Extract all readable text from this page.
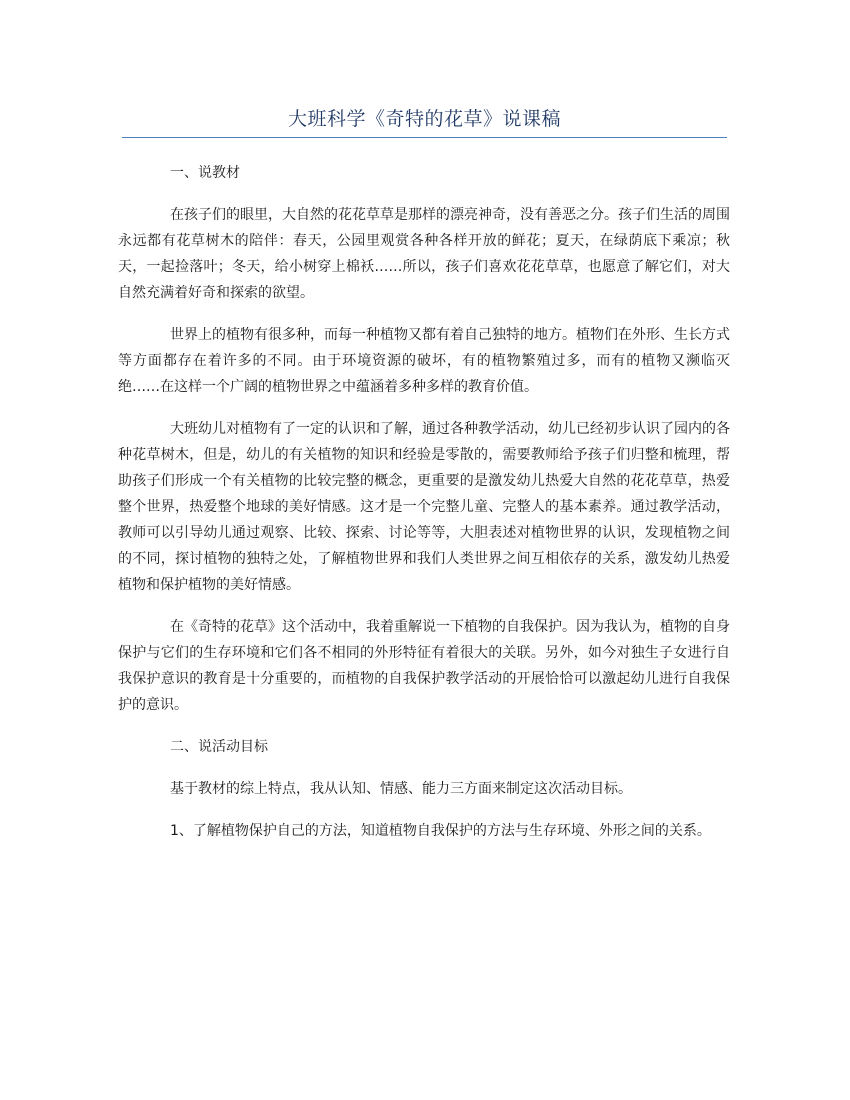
大班科学《奇特的花草》说课稿

一、说教材

在孩子们的眼里，大自然的花花草草是那样的漂亮神奇，没有善恶之分。孩子们生活的周围永远都有花草树木的陪伴：春天，公园里观赏各种各样开放的鲜花；夏天，在绿荫底下乘凉；秋天，一起捡落叶；冬天，给小树穿上棉袄……所以，孩子们喜欢花花草草，也愿意了解它们，对大自然充满着好奇和探索的欲望。

世界上的植物有很多种，而每一种植物又都有着自己独特的地方。植物们在外形、生长方式等方面都存在着许多的不同。由于环境资源的破坏，有的植物繁殖过多，而有的植物又濒临灭绝……在这样一个广阔的植物世界之中蕴涵着多种多样的教育价值。

大班幼儿对植物有了一定的认识和了解，通过各种教学活动，幼儿已经初步认识了园内的各种花草树木，但是，幼儿的有关植物的知识和经验是零散的，需要教师给予孩子们归整和梳理，帮助孩子们形成一个有关植物的比较完整的概念，更重要的是激发幼儿热爱大自然的花花草草，热爱整个世界，热爱整个地球的美好情感。这才是一个完整儿童、完整人的基本素养。通过教学活动，教师可以引导幼儿通过观察、比较、探索、讨论等等，大胆表述对植物世界的认识，发现植物之间的不同，探讨植物的独特之处，了解植物世界和我们人类世界之间互相依存的关系，激发幼儿热爱植物和保护植物的美好情感。

在《奇特的花草》这个活动中，我着重解说一下植物的自我保护。因为我认为，植物的自身保护与它们的生存环境和它们各不相同的外形特征有着很大的关联。另外，如今对独生子女进行自我保护意识的教育是十分重要的，而植物的自我保护教学活动的开展恰恰可以激起幼儿进行自我保护的意识。

二、说活动目标

基于教材的综上特点，我从认知、情感、能力三方面来制定这次活动目标。

1、了解植物保护自己的方法，知道植物自我保护的方法与生存环境、外形之间的关系。
